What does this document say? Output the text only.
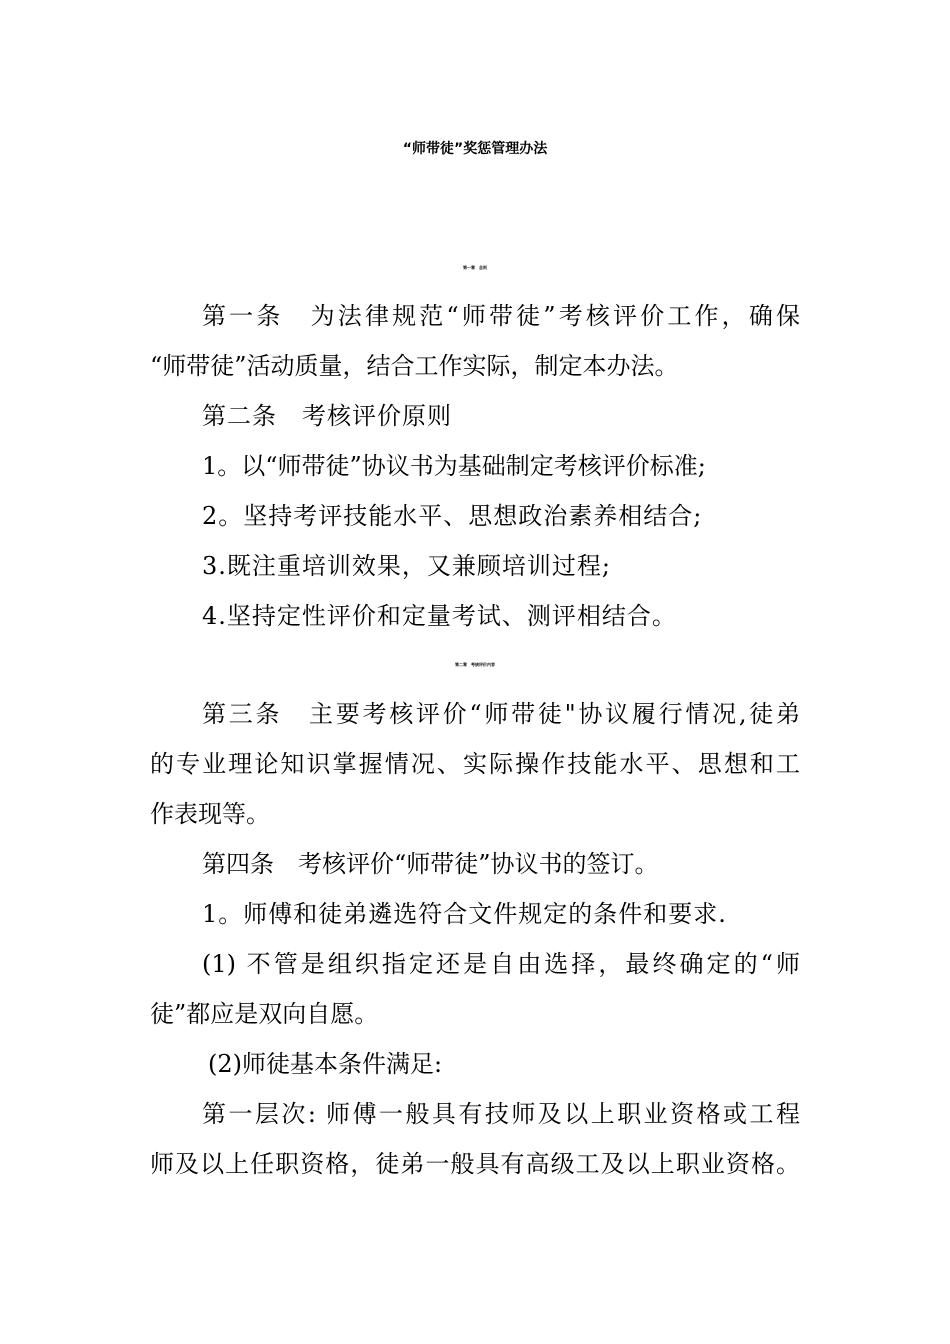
“师带徒”奖惩管理办法
第一章　总则

第一条　为法律规范“师带徒”考核评价工作，确保

“师带徒”活动质量，结合工作实际，制定本办法。

第二条　考核评价原则

1。以“师带徒”协议书为基础制定考核评价标准;

2。坚持考评技能水平、思想政治素养相结合;

3.既注重培训效果，又兼顾培训过程;

4.坚持定性评价和定量考试、测评相结合。

第二章　考核评价内容

第三条　主要考核评价“师带徒"协议履行情况,徒弟

的专业理论知识掌握情况、实际操作技能水平、思想和工

作表现等。

第四条　考核评价“师带徒”协议书的签订。

1。师傅和徒弟遴选符合文件规定的条件和要求.

(1) 不管是组织指定还是自由选择，最终确定的“师

徒”都应是双向自愿。

(2)师徒基本条件满足:

第一层次: 师傅一般具有技师及以上职业资格或工程

师及以上任职资格，徒弟一般具有高级工及以上职业资格。
